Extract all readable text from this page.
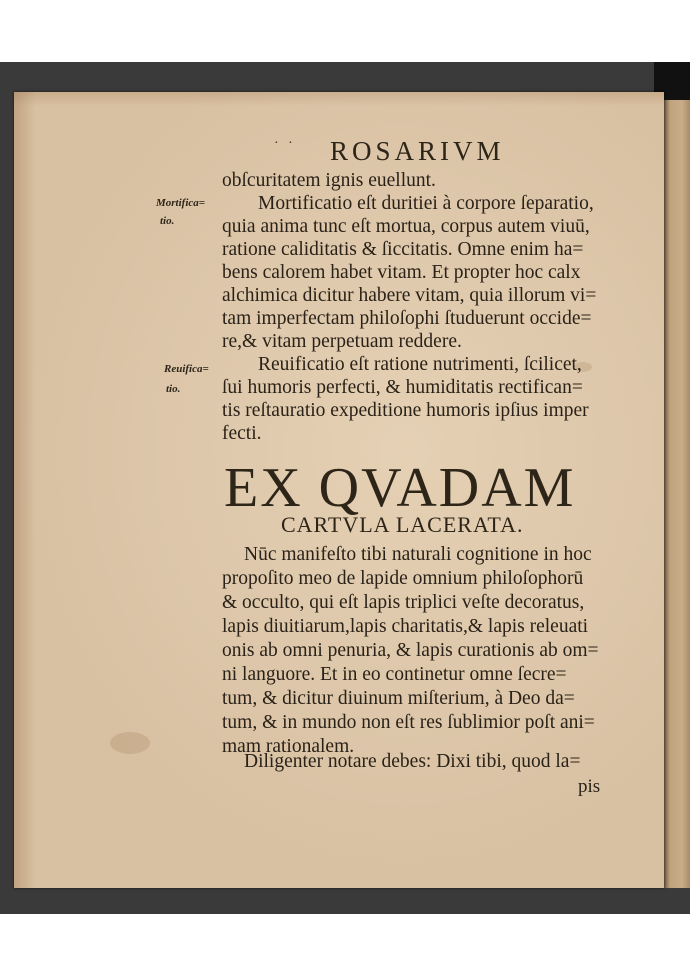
· · ROSARIVM
obſcuritatem ignis euellunt.
Mortificatio eſt duritiei à corpore ſeparatio,
quia anima tunc eſt mortua, corpus autem viuū,
ratione caliditatis & ſiccitatis. Omne enim ha=
bens calorem habet vitam. Et propter hoc calx
alchimica dicitur habere vitam, quia illorum vi=
tam imperfectam philoſophi ſtuduerunt occide=
re,& vitam perpetuam reddere.
Reuificatio eſt ratione nutrimenti, ſcilicet,
ſui humoris perfecti, & humiditatis rectifican=
tis reſtauratio expeditione humoris ipſius imper
fecti.
Mortifica=
tio.
Reuifica=
tio.
EX QVADAM
CARTVLA LACERATA.
Nūc manifeſto tibi naturali cognitione in hoc
propoſito meo de lapide omnium philoſophorū
& occulto, qui eſt lapis triplici veſte decoratus,
lapis diuitiarum,lapis charitatis,& lapis releuati
onis ab omni penuria, & lapis curationis ab om=
ni languore. Et in eo continetur omne ſecre=
tum, & dicitur diuinum miſterium, à Deo da=
tum, & in mundo non eſt res ſublimior poſt ani=
mam rationalem.
Diligenter notare debes: Dixi tibi, quod la=
pis
